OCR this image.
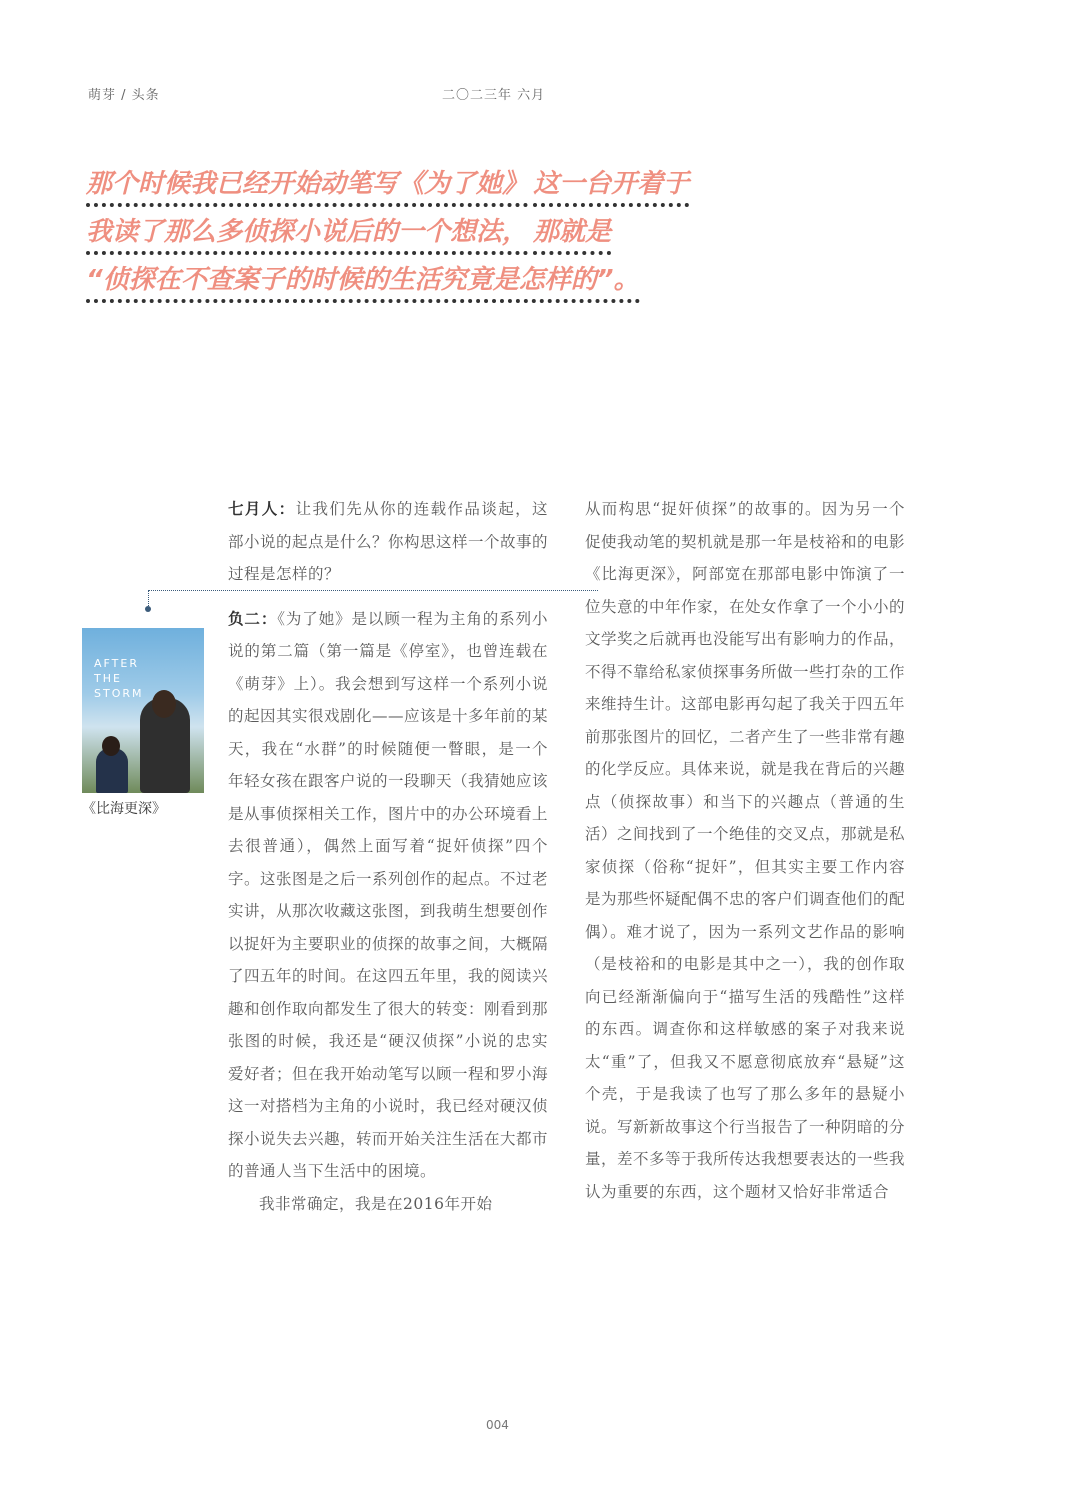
萌芽 / 头条	二〇二三年 六月
那个时候我已经开始动笔写《为了她》
这一台开着于

我读了那么多侦探小说后的一个想法，
那就是

“侦探在不查案子的时候的生活究竟是怎样的”。
AFTER
THE
STORM
《比海更深》

七月人：让我们先从你的连载作品谈起，这部小说的起点是什么？你构思这样一个故事的过程是怎样的？

负二：《为了她》是以顾一程为主角的系列小说的第二篇（第一篇是《停室》，也曾连载在《萌芽》上）。我会想到写这样一个系列小说的起因其实很戏剧化——应该是十多年前的某天，我在“水群”的时候随便一瞥眼，是一个年轻女孩在跟客户说的一段聊天（我猜她应该是从事侦探相关工作，图片中的办公环境看上去很普通），偶然上面写着“捉奸侦探”四个字。这张图是之后一系列创作的起点。不过老实讲，从那次收藏这张图，到我萌生想要创作以捉奸为主要职业的侦探的故事之间，大概隔了四五年的时间。在这四五年里，我的阅读兴趣和创作取向都发生了很大的转变：刚看到那张图的时候，我还是“硬汉侦探”小说的忠实爱好者；但在我开始动笔写以顾一程和罗小海这一对搭档为主角的小说时，我已经对硬汉侦探小说失去兴趣，转而开始关注生活在大都市的普通人当下生活中的困境。

我非常确定，我是在2016年开始

从而构思“捉奸侦探”的故事的。因为另一个促使我动笔的契机就是那一年是枝裕和的电影《比海更深》，阿部宽在那部电影中饰演了一位失意的中年作家，在处女作拿了一个小小的文学奖之后就再也没能写出有影响力的作品，不得不靠给私家侦探事务所做一些打杂的工作来维持生计。这部电影再勾起了我关于四五年前那张图片的回忆，二者产生了一些非常有趣的化学反应。具体来说，就是我在背后的兴趣点（侦探故事）和当下的兴趣点（普通的生活）之间找到了一个绝佳的交叉点，那就是私家侦探（俗称“捉奸”，但其实主要工作内容是为那些怀疑配偶不忠的客户们调查他们的配偶）。难才说了，因为一系列文艺作品的影响（是枝裕和的电影是其中之一），我的创作取向已经渐渐偏向于“描写生活的残酷性”这样的东西。调查你和这样敏感的案子对我来说太“重”了，但我又不愿意彻底放弃“悬疑”这个壳，于是我读了也写了那么多年的悬疑小说。写新新故事这个行当报告了一种阴暗的分量，差不多等于我所传达我想要表达的一些我认为重要的东西，这个题材又恰好非常适合

004
